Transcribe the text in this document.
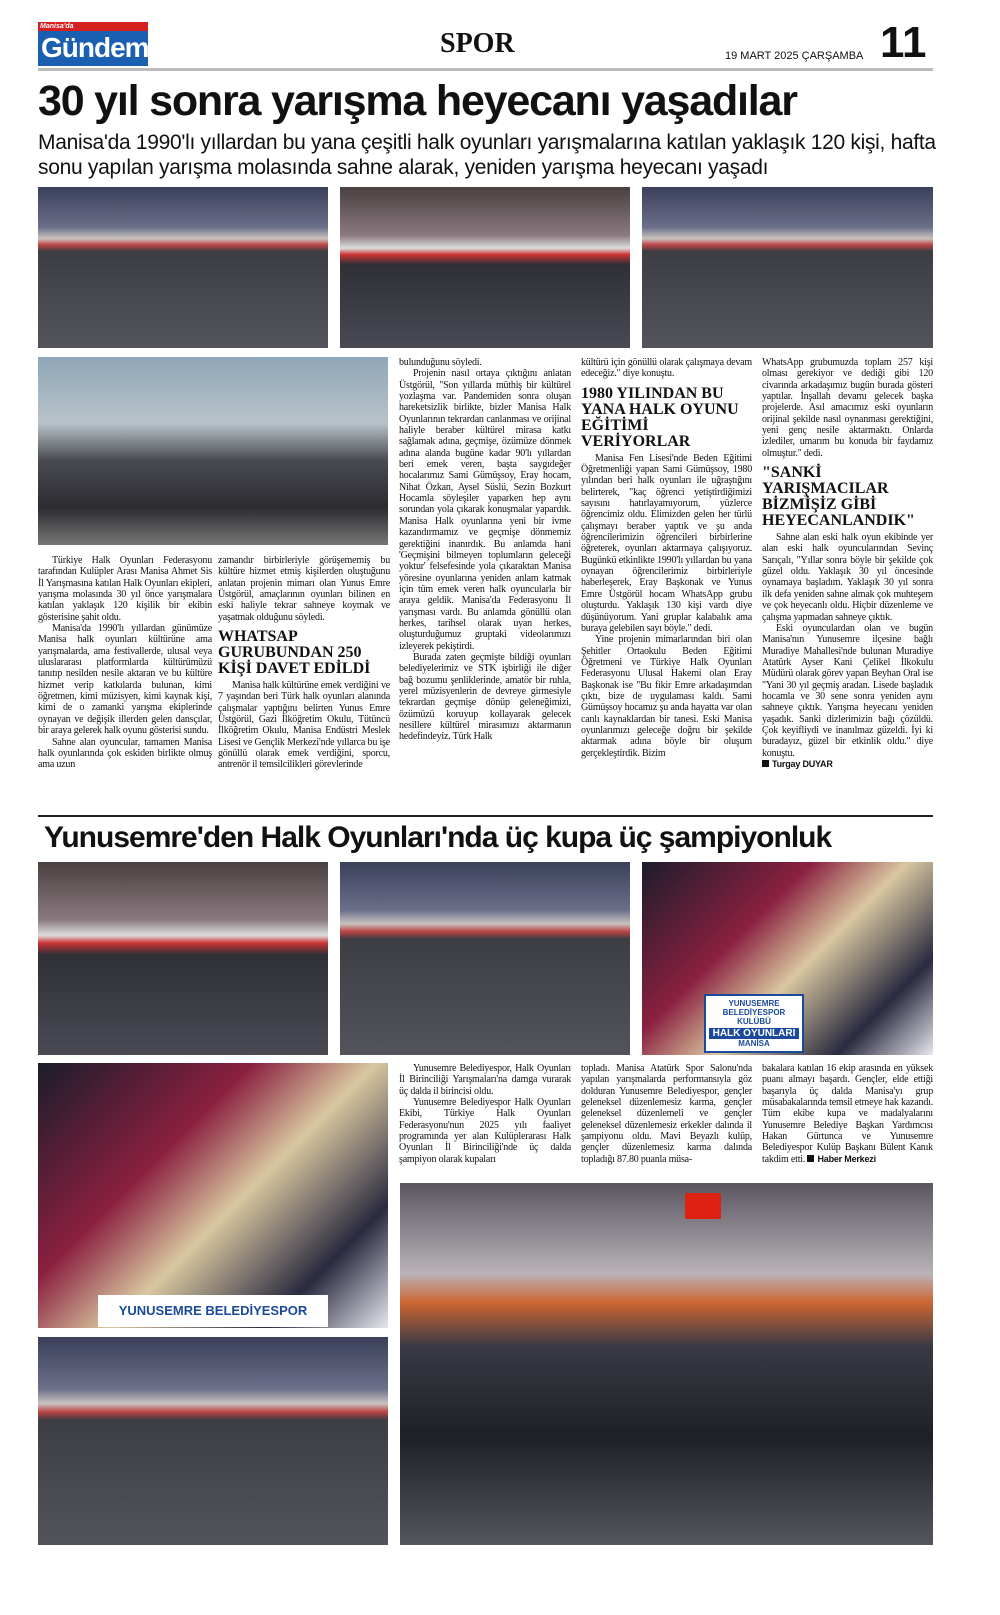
Manisa'da
Gündem	SPOR	19 MART 2025 ÇARŞAMBA 11
30 yıl sonra yarışma heyecanı yaşadılar
Manisa'da 1990'lı yıllardan bu yana çeşitli halk oyunları yarışmalarına katılan yaklaşık 120 kişi, hafta sonu yapılan yarışma molasında sahne alarak, yeniden yarışma heyecanı yaşadı

Türkiye Halk Oyunları Federasyonu tarafından Kulüpler Arası Manisa Ahmet Sis İl Yarışmasına katılan Halk Oyunları ekipleri, yarışma molasında 30 yıl önce yarışmalara katılan yaklaşık 120 kişilik bir ekibin gösterisine şahit oldu.

Manisa'da 1990'lı yıllardan günümüze Manisa halk oyunları kültürüne ama yarışmalarda, ama festivallerde, ulusal veya uluslararası platformlarda kültürümüzü tanıtıp nesilden nesile aktaran ve bu kültüre hizmet verip katkılarda bulunan, kimi öğretmen, kimi müzisyen, kimi kaynak kişi, kimi de o zamanki yarışma ekiplerinde oynayan ve değişik illerden gelen dansçılar, bir araya gelerek halk oyunu gösterisi sundu.

Sahne alan oyuncular, tamamen Manisa halk oyunlarında çok eskiden birlikte olmuş ama uzun

zamandır birbirleriyle görüşememiş bu kültüre hizmet etmiş kişilerden oluştuğunu anlatan projenin mimarı olan Yunus Emre Üstgörül, amaçlarının oyunları bilinen en eski haliyle tekrar sahneye koymak ve yaşatmak olduğunu söyledi.

WHATSAP GURUBUNDAN 250 KİŞİ DAVET EDİLDİ

Manisa halk kültürüne emek verdiğini ve 7 yaşından beri Türk halk oyunları alanında çalışmalar yaptığını belirten Yunus Emre Üstgörül, Gazi İlköğretim Okulu, Tütüncü İlköğretim Okulu, Manisa Endüstri Meslek Lisesi ve Gençlik Merkezi'nde yıllarca bu işe gönüllü olarak emek verdiğini, sporcu, antrenör il temsilcilikleri görevlerinde

bulunduğunu söyledi.

Projenin nasıl ortaya çıktığını anlatan Üstgörül, "Son yıllarda müthiş bir kültürel yozlaşma var. Pandemiden sonra oluşan hareketsizlik birlikte, bizler Manisa Halk Oyunlarının tekrardan canlanması ve orijinal haliyle beraber kültürel mirasa katkı sağlamak adına, geçmişe, özümüze dönmek adına alanda bugüne kadar 90'lı yıllardan beri emek veren, başta saygıdeğer hocalarımız Sami Gümüşsoy, Eray hocam, Nihat Özkan, Aysel Süslü, Sezin Bozkurt Hocamla söyleşiler yaparken hep aynı sorundan yola çıkarak konuşmalar yapardık. Manisa Halk oyunlarına yeni bir ivme kazandırmamız ve geçmişe dönmemiz gerektiğini inanırdık. Bu anlamda hani 'Geçmişini bilmeyen toplumların geleceği yoktur' felsefesinde yola çıkaraktan Manisa yöresine oyunlarına yeniden anlam katmak için tüm emek veren halk oyuncularla bir araya geldik. Manisa'da Federasyonu İl yarışması vardı. Bu anlamda gönüllü olan herkes, tarihsel olarak uyan herkes, oluşturduğumuz gruptaki videolarımızı izleyerek pekiştirdi.

Burada zaten geçmişte bildiği oyunları belediyelerimiz ve STK işbirliği ile diğer bağ bozumu şenliklerinde, amatör bir ruhla, yerel müzisyenlerin de devreye girmesiyle tekrardan geçmişe dönüp geleneğimizi, özümüzü koruyup kollayarak gelecek nesillere kültürel mirasımızı aktarmanın hedefindeyiz. Türk Halk

kültürü için gönüllü olarak çalışmaya devam edeceğiz." diye konuştu.

1980 YILINDAN BU YANA HALK OYUNU EĞİTİMİ VERİYORLAR

Manisa Fen Lisesi'nde Beden Eğitimi Öğretmenliği yapan Sami Gümüşsoy, 1980 yılından beri halk oyunları ile uğraştığını belirterek, "kaç öğrenci yetiştirdiğimizi sayısını hatırlayamıyorum, yüzlerce öğrencimiz oldu. Elimizden gelen her türlü çalışmayı beraber yaptık ve şu anda öğrencilerimizin öğrencileri birbirlerine öğreterek, oyunları aktarmaya çalışıyoruz. Bugünkü etkinlikte 1990'lı yıllardan bu yana oynayan öğrencilerimiz birbirleriyle haberleşerek, Eray Başkonak ve Yunus Emre Üstgörül hocam WhatsApp grubu oluşturdu. Yaklaşık 130 kişi vardı diye düşünüyorum. Yani gruplar kalabalık ama buraya gelebilen sayı böyle." dedi.

Yine projenin mimarlarından biri olan Şehitler Ortaokulu Beden Eğitimi Öğretmeni ve Türkiye Halk Oyunları Federasyonu Ulusal Hakemi olan Eray Başkonak ise "Bu fikir Emre arkadaşımdan çıktı, bize de uygulaması kaldı. Sami Gümüşsoy hocamız şu anda hayatta var olan canlı kaynaklardan bir tanesi. Eski Manisa oyunlarımızı geleceğe doğru bir şekilde aktarmak adına böyle bir oluşum gerçekleştirdik. Bizim

WhatsApp grubumuzda toplam 257 kişi olması gerekiyor ve dediği gibi 120 civarında arkadaşımız bugün burada gösteri yaptılar. İnşallah devamı gelecek başka projelerde. Asıl amacımız eski oyunların orijinal şekilde nasıl oynanması gerektiğini, yeni genç nesile aktarmaktı. Onlarda izlediler, umarım bu konuda bir faydamız olmuştur." dedi.

"SANKİ YARIŞMACILAR BİZMİŞİZ GİBİ HEYECANLANDIK"

Sahne alan eski halk oyun ekibinde yer alan eski halk oyuncularından Sevinç Sarıçalı, "Yıllar sonra böyle bir şekilde çok güzel oldu. Yaklaşık 30 yıl öncesinde oynamaya başladım. Yaklaşık 30 yıl sonra ilk defa yeniden sahne almak çok muhteşem ve çok heyecanlı oldu. Hiçbir düzenleme ve çalışma yapmadan sahneye çıktık.

Eski oyunculardan olan ve bugün Manisa'nın Yunusemre ilçesine bağlı Muradiye Mahallesi'nde bulunan Muradiye Atatürk Ayser Kani Çelikel İlkokulu Müdürü olarak görev yapan Beyhan Oral ise "Yani 30 yıl geçmiş aradan. Lisede başladık hocamla ve 30 sene sonra yeniden aynı sahneye çıktık. Yarışma heyecanı yeniden yaşadık. Sanki dizlerimizin bağı çözüldü. Çok keyifliydi ve inanılmaz güzeldi. İyi ki buradayız, güzel bir etkinlik oldu." diye konuştu.

Turgay DUYAR

Yunusemre'den Halk Oyunları'nda üç kupa üç şampiyonluk
YUNUSEMRE BELEDİYESPOR KULÜBÜ
HALK OYUNLARI
MANİSA
YUNUSEMRE BELEDİYESPOR

Yunusemre Belediyespor, Halk Oyunları İl Birinciliği Yarışmaları'na damga vurarak üç dalda il birincisi oldu.

Yunusemre Belediyespor Halk Oyunları Ekibi, Türkiye Halk Oyunları Federasyonu'nun 2025 yılı faaliyet programında yer alan Kulüplerarası Halk Oyunları İl Birinciliği'nde üç dalda şampiyon olarak kupaları

topladı. Manisa Atatürk Spor Salonu'nda yapılan yarışmalarda performansıyla göz dolduran Yunusemre Belediyespor, gençler geleneksel düzenlemesiz karma, gençler geleneksel düzenlemeli ve gençler geleneksel düzenlemesiz erkekler dalında il şampiyonu oldu. Mavi Beyazlı kulüp, gençler düzenlemesiz karma dalında topladığı 87.80 puanla müsa-

bakalara katılan 16 ekip arasında en yüksek puanı almayı başardı. Gençler, elde ettiği başarıyla üç dalda Manisa'yı grup müsabakalarında temsil etmeye hak kazandı. Tüm ekibe kupa ve madalyalarını Yunusemre Belediye Başkan Yardımcısı Hakan Gürtunca ve Yunusemre Belediyespor Kulüp Başkanı Bülent Kanık takdim etti. Haber Merkezi
